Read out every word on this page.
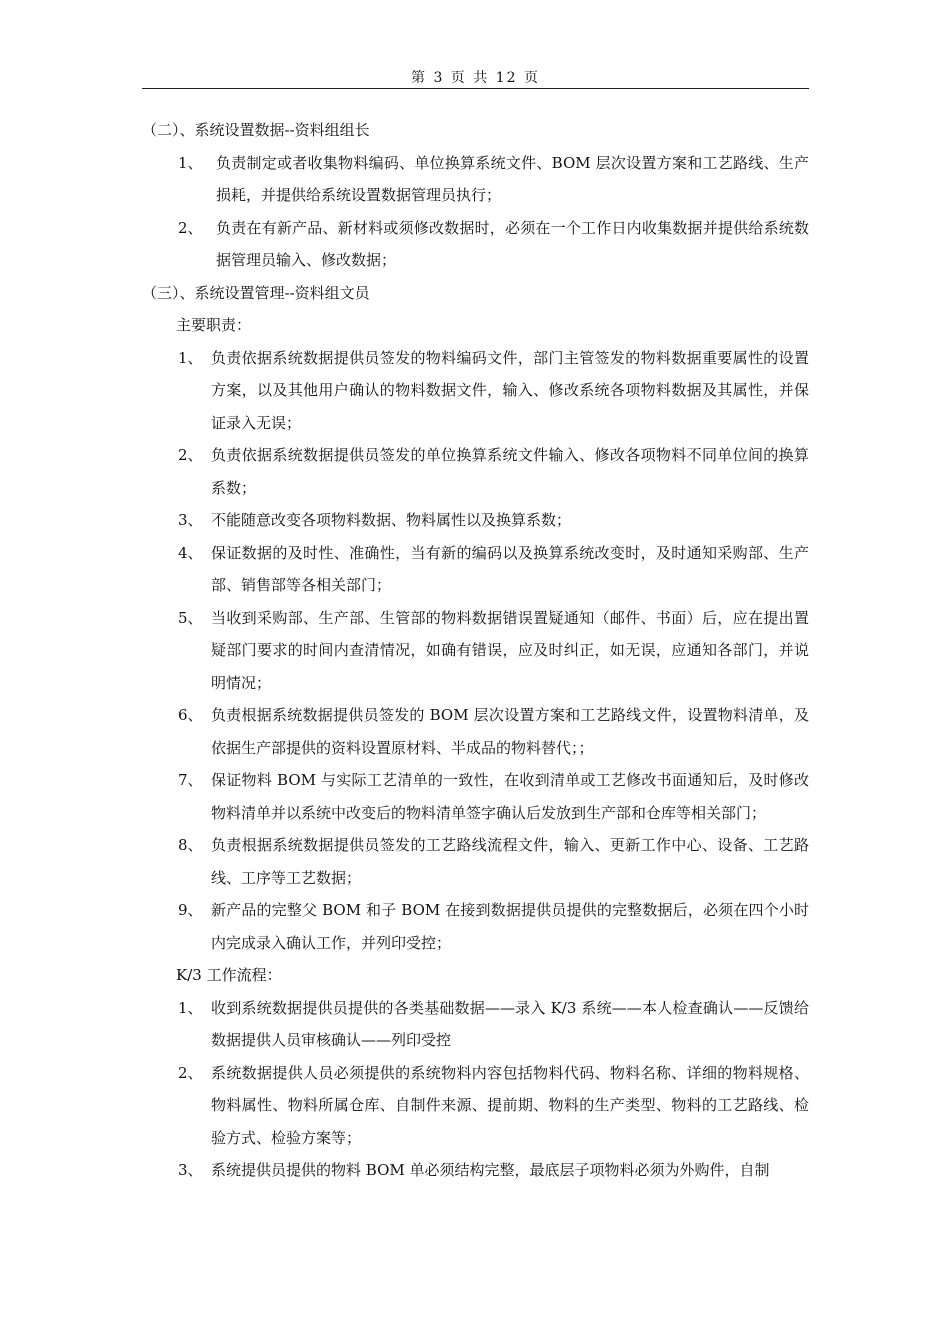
第 3 页 共 12 页

（二）、系统设置数据--资料组组长

1、 负责制定或者收集物料编码、单位换算系统文件、BOM 层次设置方案和工艺路线、生产损耗，并提供给系统设置数据管理员执行；
2、 负责在有新产品、新材料或须修改数据时，必须在一个工作日内收集数据并提供给系统数据管理员输入、修改数据；

（三）、系统设置管理--资料组文员

主要职责：

1、 负责依据系统数据提供员签发的物料编码文件，部门主管签发的物料数据重要属性的设置方案，以及其他用户确认的物料数据文件，输入、修改系统各项物料数据及其属性，并保证录入无误；
2、 负责依据系统数据提供员签发的单位换算系统文件输入、修改各项物料不同单位间的换算系数；
3、 不能随意改变各项物料数据、物料属性以及换算系数；
4、 保证数据的及时性、准确性，当有新的编码以及换算系统改变时，及时通知采购部、生产部、销售部等各相关部门；
5、 当收到采购部、生产部、生管部的物料数据错误置疑通知（邮件、书面）后，应在提出置疑部门要求的时间内查清情况，如确有错误，应及时纠正，如无误，应通知各部门，并说明情况；
6、 负责根据系统数据提供员签发的 BOM 层次设置方案和工艺路线文件，设置物料清单，及依据生产部提供的资料设置原材料、半成品的物料替代；；
7、 保证物料 BOM 与实际工艺清单的一致性，在收到清单或工艺修改书面通知后，及时修改物料清单并以系统中改变后的物料清单签字确认后发放到生产部和仓库等相关部门；
8、 负责根据系统数据提供员签发的工艺路线流程文件，输入、更新工作中心、设备、工艺路线、工序等工艺数据；
9、 新产品的完整父 BOM 和子 BOM 在接到数据提供员提供的完整数据后，必须在四个小时内完成录入确认工作，并列印受控；

K/3 工作流程：

1、 收到系统数据提供员提供的各类基础数据——录入 K/3 系统——本人检查确认——反馈给数据提供人员审核确认——列印受控
2、 系统数据提供人员必须提供的系统物料内容包括物料代码、物料名称、详细的物料规格、物料属性、物料所属仓库、自制件来源、提前期、物料的生产类型、物料的工艺路线、检验方式、检验方案等；
3、 系统提供员提供的物料 BOM 单必须结构完整，最底层子项物料必须为外购件，自制
